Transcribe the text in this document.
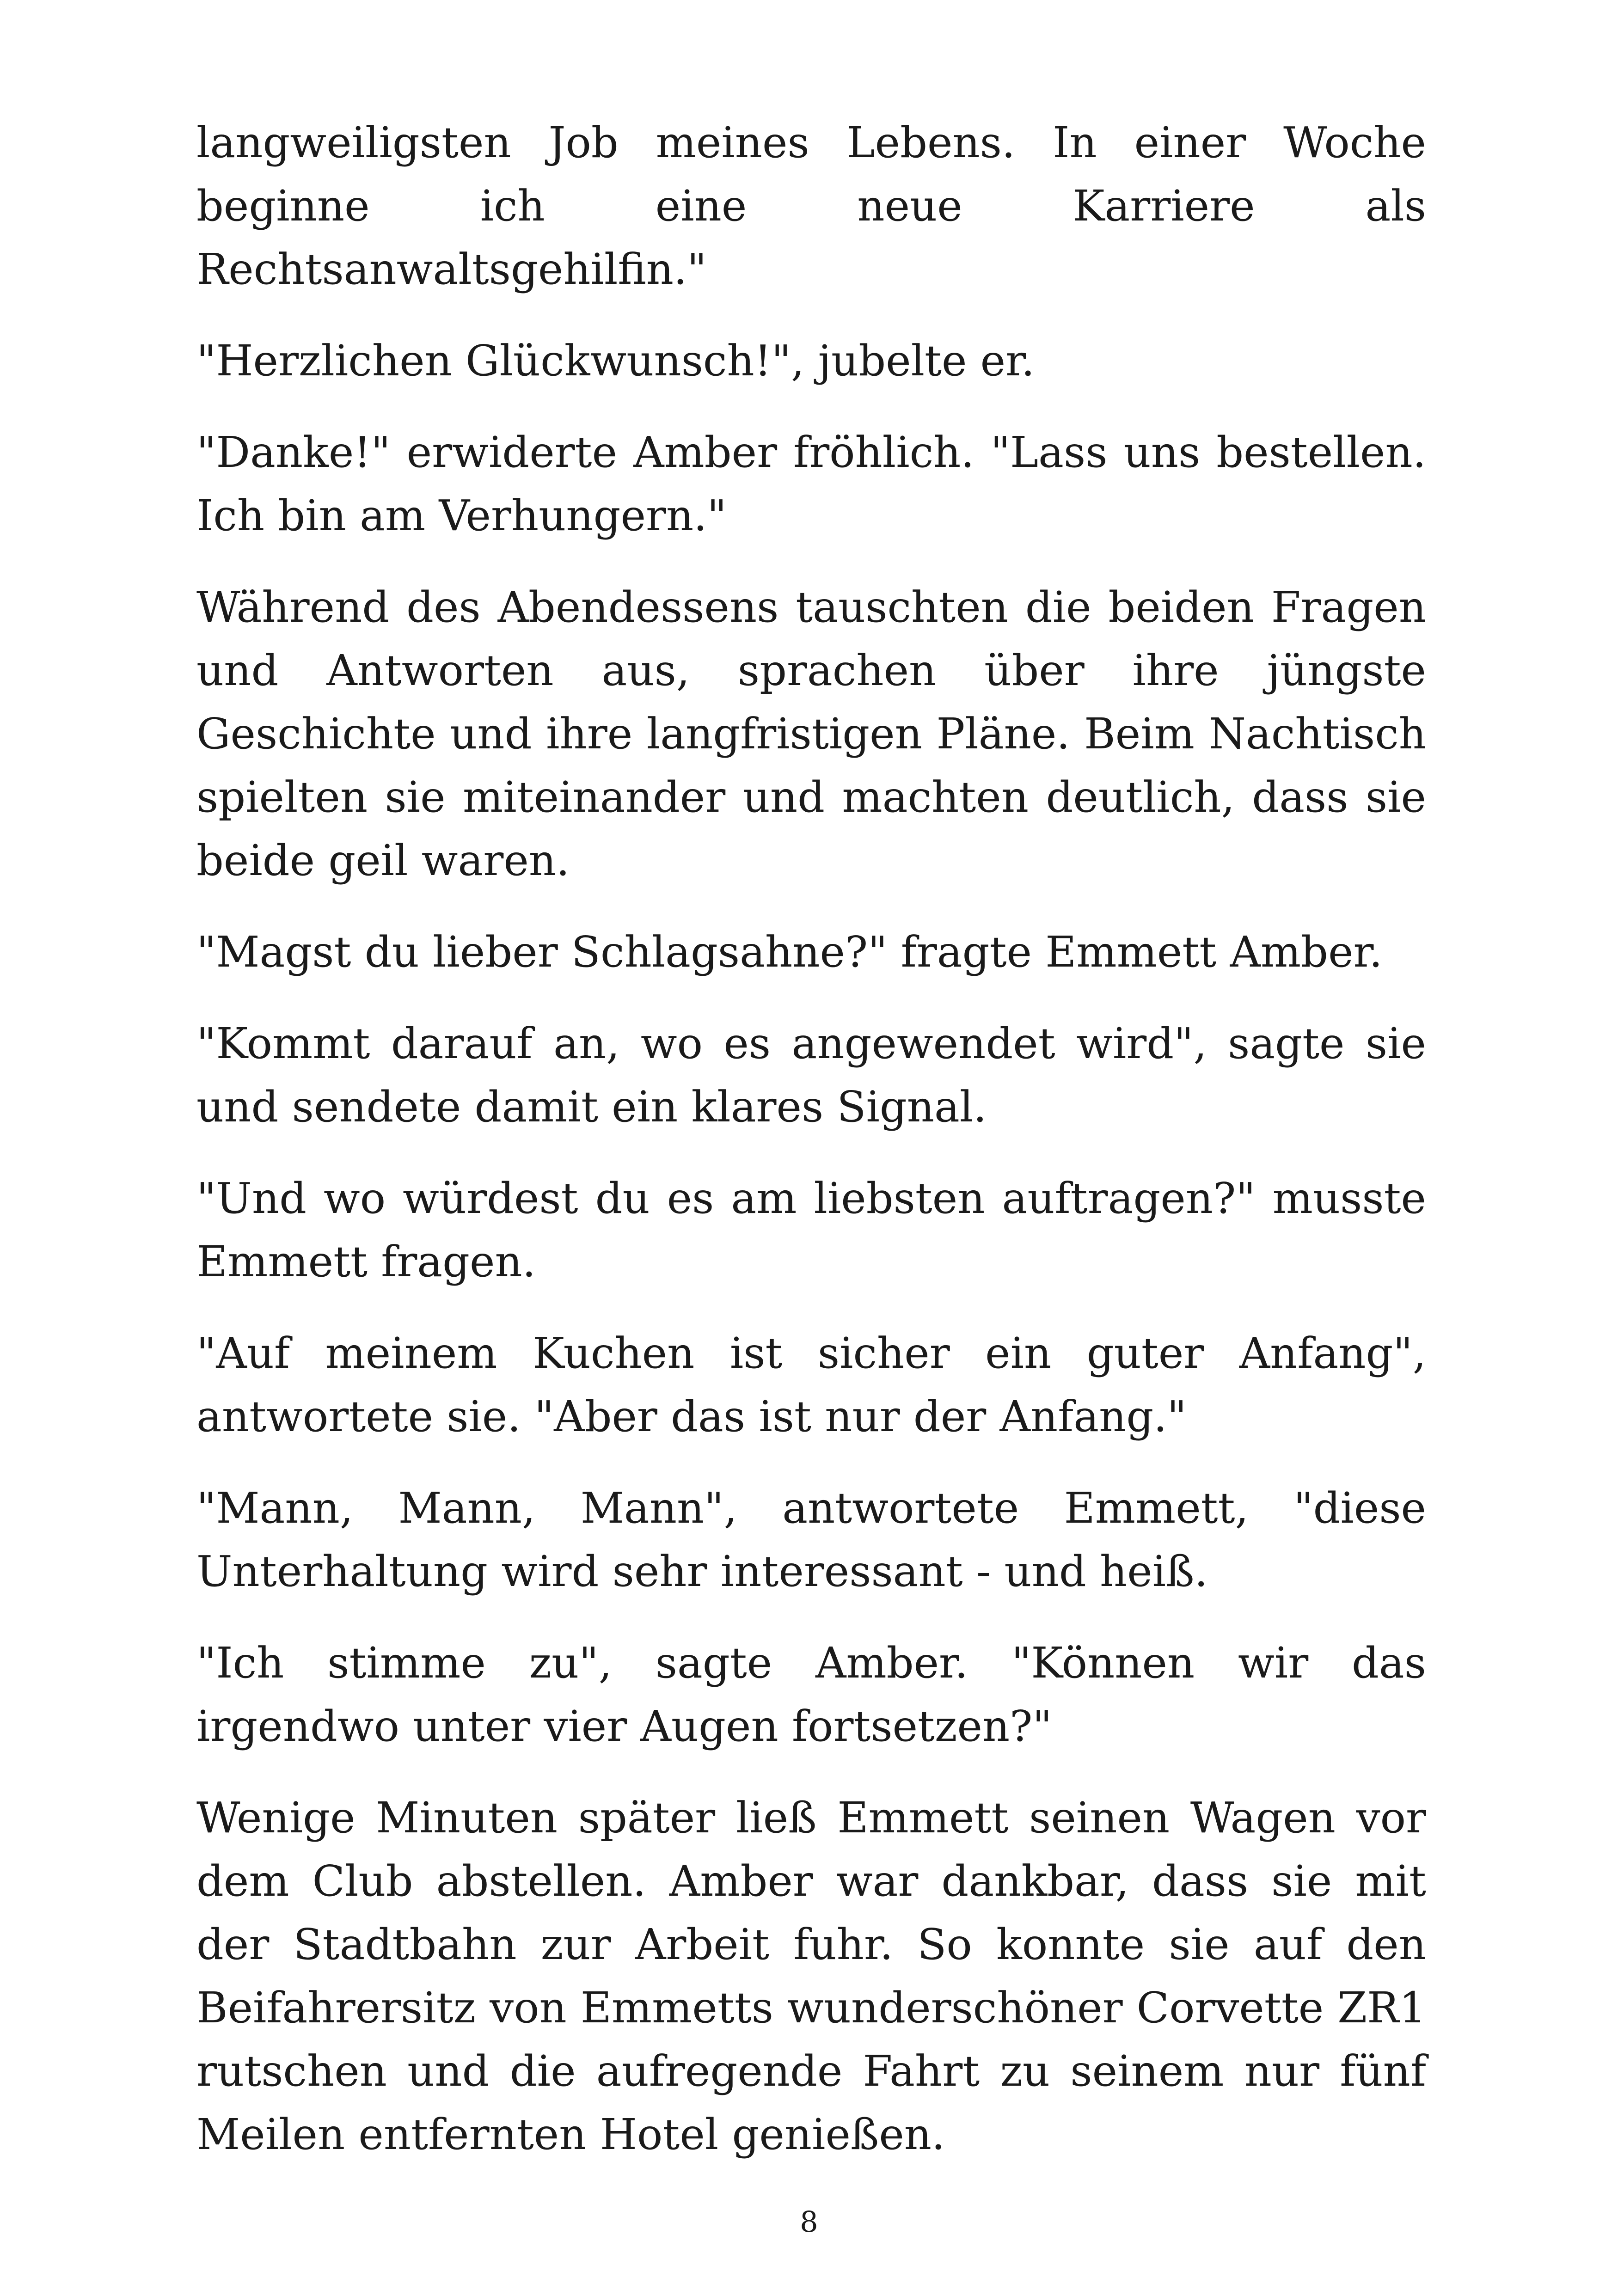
langweiligsten Job meines Lebens. In einer Woche beginne ich eine neue Karriere als Rechtsanwaltsgehilfin."

"Herzlichen Glückwunsch!", jubelte er.

"Danke!" erwiderte Amber fröhlich. "Lass uns bestellen. Ich bin am Verhungern."

Während des Abendessens tauschten die beiden Fragen und Antworten aus, sprachen über ihre jüngste Geschichte und ihre langfristigen Pläne. Beim Nachtisch spielten sie miteinander und machten deutlich, dass sie beide geil waren.

"Magst du lieber Schlagsahne?" fragte Emmett Amber.

"Kommt darauf an, wo es angewendet wird", sagte sie und sendete damit ein klares Signal.

"Und wo würdest du es am liebsten auftragen?" musste Emmett fragen.

"Auf meinem Kuchen ist sicher ein guter Anfang", antwortete sie. "Aber das ist nur der Anfang."

"Mann, Mann, Mann", antwortete Emmett, "diese Unterhaltung wird sehr interessant - und heiß.

"Ich stimme zu", sagte Amber. "Können wir das irgendwo unter vier Augen fortsetzen?"

Wenige Minuten später ließ Emmett seinen Wagen vor dem Club abstellen. Amber war dankbar, dass sie mit der Stadtbahn zur Arbeit fuhr. So konnte sie auf den Beifahrersitz von Emmetts wunderschöner Corvette ZR1 rutschen und die aufregende Fahrt zu seinem nur fünf Meilen entfernten Hotel genießen.

8
